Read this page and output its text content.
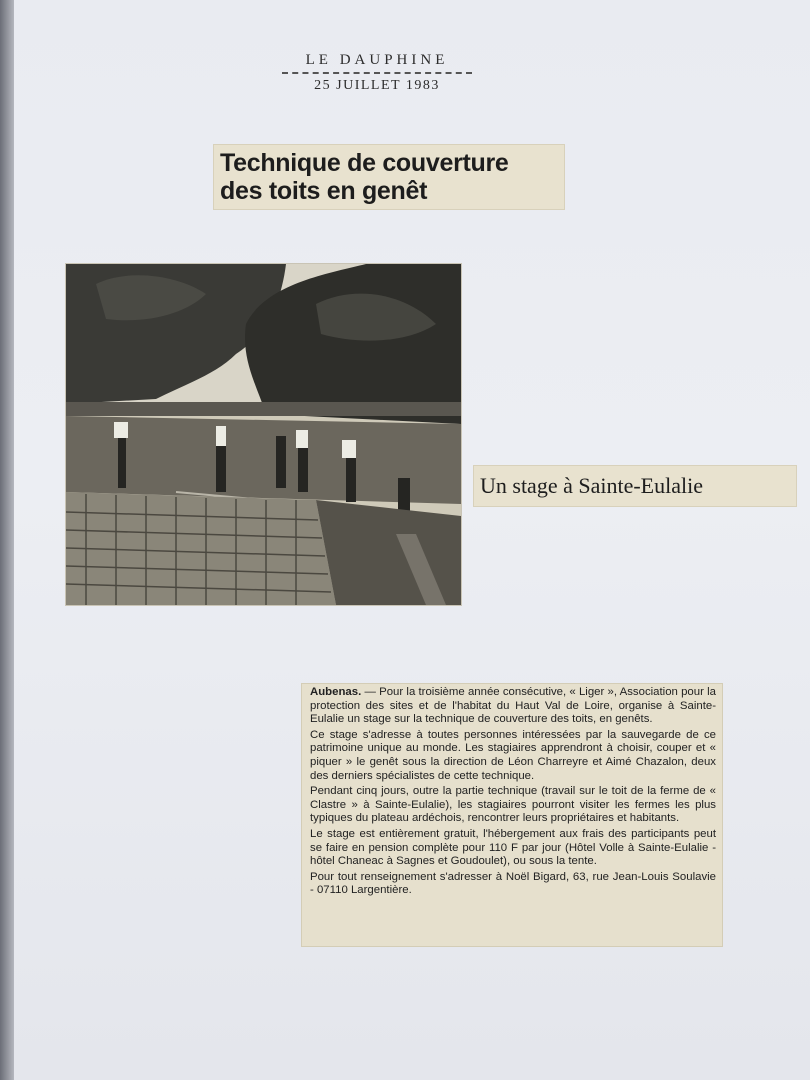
LE DAUPHINE
25 JUILLET 1983
Technique de couverture
des toits en genêt
Un stage à Sainte-Eulalie

Aubenas. — Pour la troisième année consécutive, « Liger », Association pour la protection des sites et de l'habitat du Haut Val de Loire, organise à Sainte-Eulalie un stage sur la technique de couverture des toits, en genêts.

Ce stage s'adresse à toutes personnes intéressées par la sauvegarde de ce patrimoine unique au monde. Les stagiaires apprendront à choisir, couper et « piquer » le genêt sous la direction de Léon Charreyre et Aimé Chazalon, deux des derniers spécialistes de cette technique.

Pendant cinq jours, outre la partie technique (travail sur le toit de la ferme de « Clastre » à Sainte-Eulalie), les stagiaires pourront visiter les fermes les plus typiques du plateau ardéchois, rencontrer leurs propriétaires et habitants.

Le stage est entièrement gratuit, l'hébergement aux frais des participants peut se faire en pension complète pour 110 F par jour (Hôtel Volle à Sainte-Eulalie - hôtel Chaneac à Sagnes et Goudoulet), ou sous la tente.

Pour tout renseignement s'adresser à Noël Bigard, 63, rue Jean-Louis Soulavie - 07110 Largentière.
